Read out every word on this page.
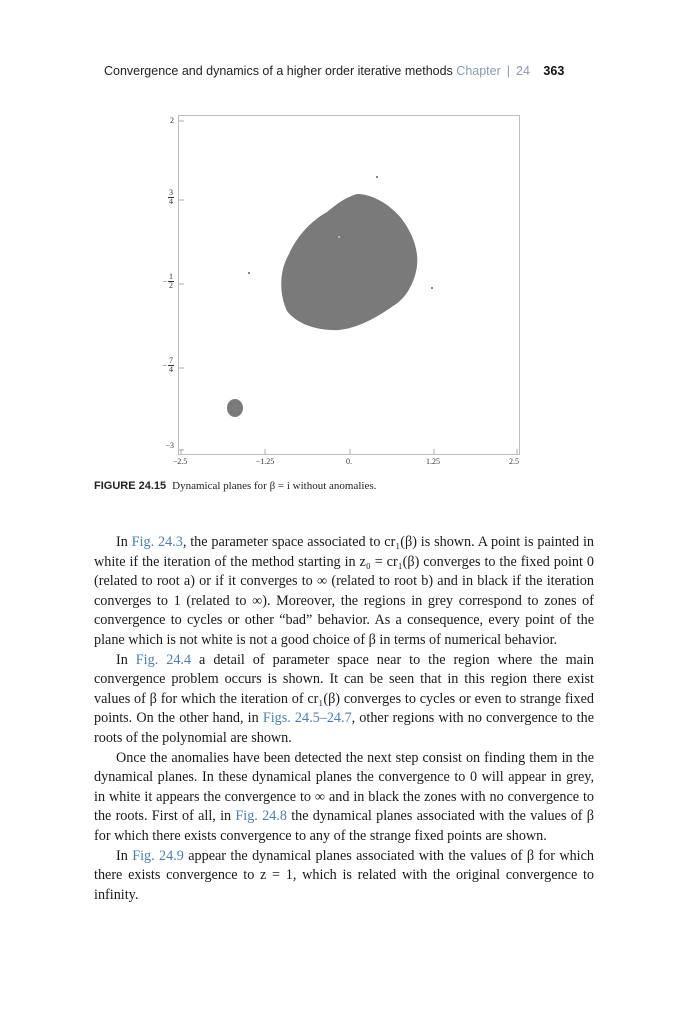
Convergence and dynamics of a higher order iterative methods Chapter | 24 363
2
3
4
− $\frac{1}{2}$
− $\frac{7}{4}$
−3
−2.5	−1.25	0.	1.25	2.5
FIGURE 24.15 Dynamical planes for β = i without anomalies.

In Fig. 24.3, the parameter space associated to cr₁(β) is shown. A point is painted in white if the iteration of the method starting in z₀ = cr₁(β) converges to the fixed point 0 (related to root a) or if it converges to ∞ (related to root b) and in black if the iteration converges to 1 (related to ∞). Moreover, the regions in grey correspond to zones of convergence to cycles or other “bad” behavior. As a consequence, every point of the plane which is not white is not a good choice of β in terms of numerical behavior.

In Fig. 24.4 a detail of parameter space near to the region where the main convergence problem occurs is shown. It can be seen that in this region there exist values of β for which the iteration of cr₁(β) converges to cycles or even to strange fixed points. On the other hand, in Figs. 24.5–24.7, other regions with no convergence to the roots of the polynomial are shown.

Once the anomalies have been detected the next step consist on finding them in the dynamical planes. In these dynamical planes the convergence to 0 will appear in grey, in white it appears the convergence to ∞ and in black the zones with no convergence to the roots. First of all, in Fig. 24.8 the dynamical planes associated with the values of β for which there exists convergence to any of the strange fixed points are shown.

In Fig. 24.9 appear the dynamical planes associated with the values of β for which there exists convergence to z = 1, which is related with the original convergence to infinity.
